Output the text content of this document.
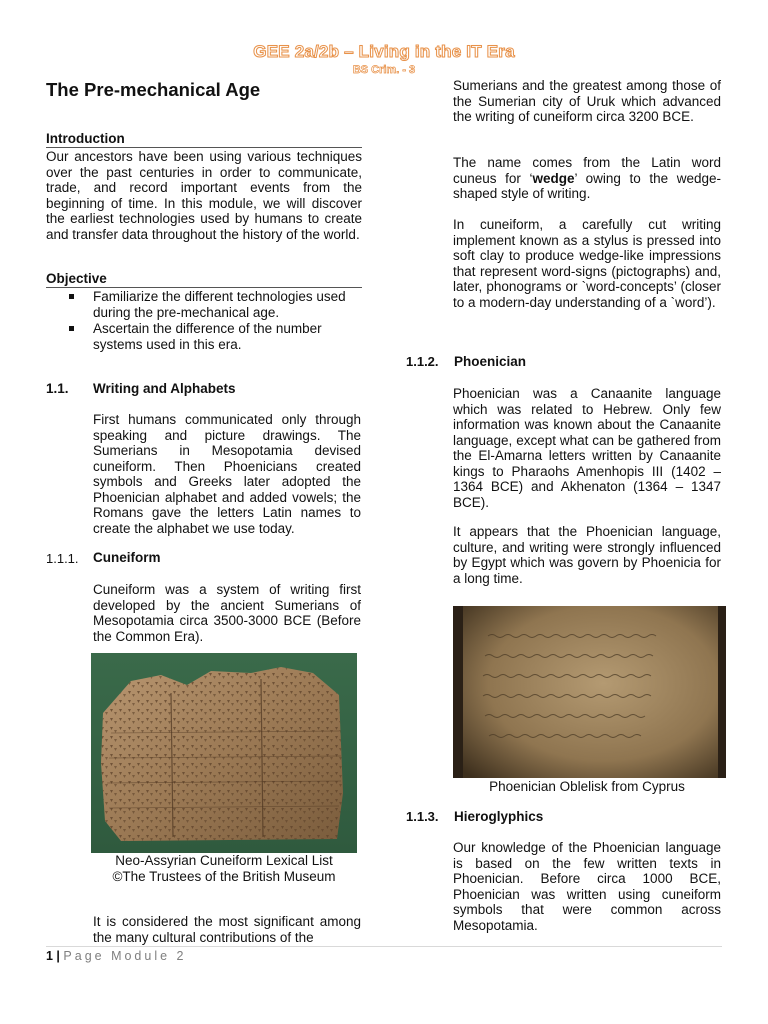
GEE 2a/2b – Living in the IT Era
BS Crim. - 3
The Pre-mechanical Age
Introduction
Our ancestors have been using various techniques over the past centuries in order to communicate, trade, and record important events from the beginning of time. In this module, we will discover the earliest technologies used by humans to create and transfer data throughout the history of the world.
Objective
Familiarize the different technologies used during the pre-mechanical age.
Ascertain the difference of the number systems used in this era.
1.1. Writing and Alphabets
First humans communicated only through speaking and picture drawings. The Sumerians in Mesopotamia devised cuneiform. Then Phoenicians created symbols and Greeks later adopted the Phoenician alphabet and added vowels; the Romans gave the letters Latin names to create the alphabet we use today.
1.1.1. Cuneiform
Cuneiform was a system of writing first developed by the ancient Sumerians of Mesopotamia circa 3500-3000 BCE (Before the Common Era).
Neo-Assyrian Cuneiform Lexical List
©The Trustees of the British Museum
It is considered the most significant among the many cultural contributions of the
Sumerians and the greatest among those of the Sumerian city of Uruk which advanced the writing of cuneiform circa 3200 BCE.
The name comes from the Latin word cuneus for ‘wedge’ owing to the wedge-shaped style of writing.
In cuneiform, a carefully cut writing implement known as a stylus is pressed into soft clay to produce wedge-like impressions that represent word-signs (pictographs) and, later, phonograms or `word-concepts’ (closer to a modern-day understanding of a `word’).
1.1.2. Phoenician
Phoenician was a Canaanite language which was related to Hebrew. Only few information was known about the Canaanite language, except what can be gathered from the El-Amarna letters written by Canaanite kings to Pharaohs Amenhopis III (1402 – 1364 BCE) and Akhenaton (1364 – 1347 BCE).
It appears that the Phoenician language, culture, and writing were strongly influenced by Egypt which was govern by Phoenicia for a long time.
Phoenician Oblelisk from Cyprus
1.1.3. Hieroglyphics
Our knowledge of the Phoenician language is based on the few written texts in Phoenician. Before circa 1000 BCE, Phoenician was written using cuneiform symbols that were common across Mesopotamia.
1 | Page Module 2
